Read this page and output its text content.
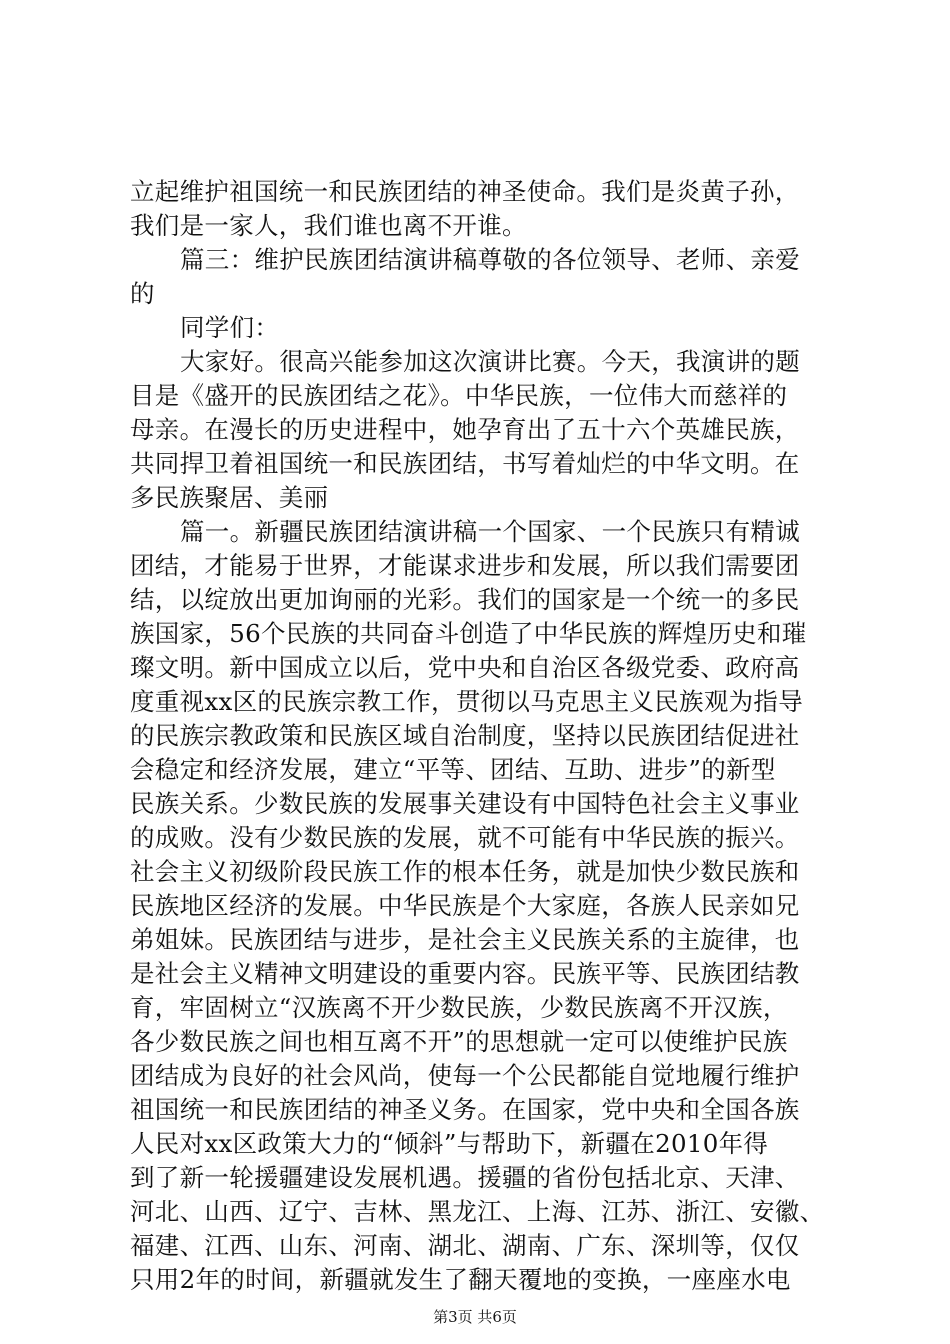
立起维护祖国统一和民族团结的神圣使命。我们是炎黄子孙，
我们是一家人，我们谁也离不开谁。
篇三：维护民族团结演讲稿尊敬的各位领导、老师、亲爱
的
同学们：
大家好。很高兴能参加这次演讲比赛。今天，我演讲的题
目是《盛开的民族团结之花》。中华民族，一位伟大而慈祥的
母亲。在漫长的历史进程中，她孕育出了五十六个英雄民族，
共同捍卫着祖国统一和民族团结，书写着灿烂的中华文明。在
多民族聚居、美丽
篇一。新疆民族团结演讲稿一个国家、一个民族只有精诚
团结，才能易于世界，才能谋求进步和发展，所以我们需要团
结，以绽放出更加询丽的光彩。我们的国家是一个统一的多民
族国家，56个民族的共同奋斗创造了中华民族的辉煌历史和璀
璨文明。新中国成立以后，党中央和自治区各级党委、政府高
度重视xx区的民族宗教工作，贯彻以马克思主义民族观为指导
的民族宗教政策和民族区域自治制度，坚持以民族团结促进社
会稳定和经济发展，建立“平等、团结、互助、进步”的新型
民族关系。少数民族的发展事关建设有中国特色社会主义事业
的成败。没有少数民族的发展，就不可能有中华民族的振兴。
社会主义初级阶段民族工作的根本任务，就是加快少数民族和
民族地区经济的发展。中华民族是个大家庭，各族人民亲如兄
弟姐妹。民族团结与进步，是社会主义民族关系的主旋律，也
是社会主义精神文明建设的重要内容。民族平等、民族团结教
育，牢固树立“汉族离不开少数民族，少数民族离不开汉族，
各少数民族之间也相互离不开”的思想就一定可以使维护民族
团结成为良好的社会风尚，使每一个公民都能自觉地履行维护
祖国统一和民族团结的神圣义务。在国家，党中央和全国各族
人民对xx区政策大力的“倾斜”与帮助下，新疆在2010年得
到了新一轮援疆建设发展机遇。援疆的省份包括北京、天津、
河北、山西、辽宁、吉林、黑龙江、上海、江苏、浙江、安徽、
福建、江西、山东、河南、湖北、湖南、广东、深圳等，仅仅
只用2年的时间，新疆就发生了翻天覆地的变换，一座座水电
第3页 共6页
